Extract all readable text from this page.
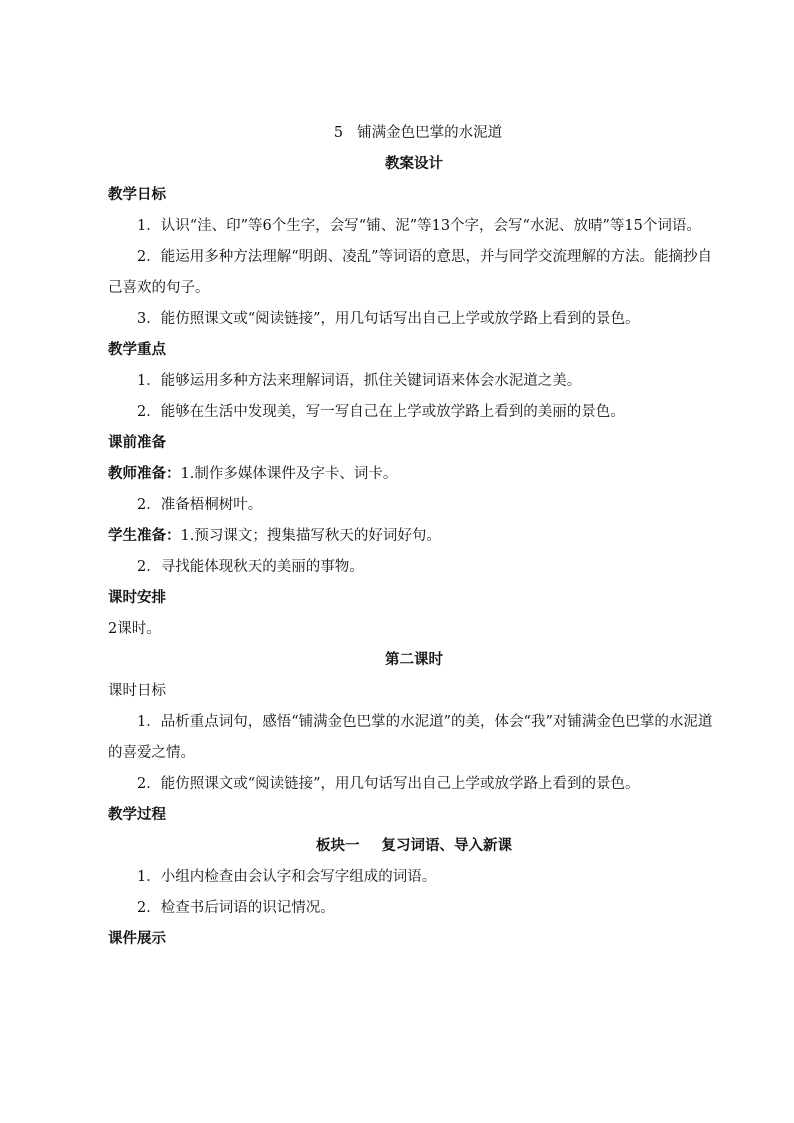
5 铺满金色巴掌的水泥道
教案设计
教学日标
1．认识“洼、印”等6个生字，会写“铺、泥”等13个字，会写“水泥、放晴”等15个词语。
2．能运用多种方法理解“明朗、凌乱”等词语的意思，并与同学交流理解的方法。能摘抄自己喜欢的句子。
3．能仿照课文或“阅读链接”，用几句话写出自己上学或放学路上看到的景色。
教学重点
1．能够运用多种方法来理解词语，抓住关键词语来体会水泥道之美。
2．能够在生活中发现美，写一写自己在上学或放学路上看到的美丽的景色。
课前准备
教师准备：1.制作多媒体课件及字卡、词卡。
2．准备梧桐树叶。
学生准备：1.预习课文；搜集描写秋天的好词好句。
2．寻找能体现秋天的美丽的事物。
课时安排
2课时。
第二课时
课时日标
1．品析重点词句，感悟“铺满金色巴掌的水泥道”的美，体会“我”对铺满金色巴掌的水泥道的喜爱之情。
2．能仿照课文或“阅读链接”，用几句话写出自己上学或放学路上看到的景色。
教学过程
板块一 复习词语、导入新课
1．小组内检查由会认字和会写字组成的词语。
2．检查书后词语的识记情况。
课件展示
